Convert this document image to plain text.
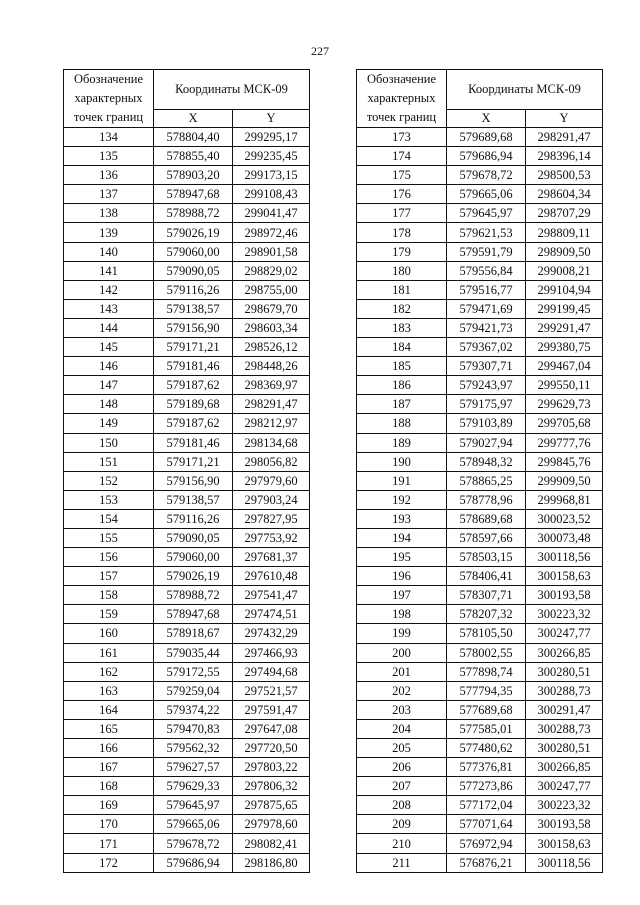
227
Обозначение характерных точек границ	Координаты МСК-09	
	X	Y
134	578804,40	299295,17
135	578855,40	299235,45
136	578903,20	299173,15
137	578947,68	299108,43
138	578988,72	299041,47
139	579026,19	298972,46
140	579060,00	298901,58
141	579090,05	298829,02
142	579116,26	298755,00
143	579138,57	298679,70
144	579156,90	298603,34
145	579171,21	298526,12
146	579181,46	298448,26
147	579187,62	298369,97
148	579189,68	298291,47
149	579187,62	298212,97
150	579181,46	298134,68
151	579171,21	298056,82
152	579156,90	297979,60
153	579138,57	297903,24
154	579116,26	297827,95
155	579090,05	297753,92
156	579060,00	297681,37
157	579026,19	297610,48
158	578988,72	297541,47
159	578947,68	297474,51
160	578918,67	297432,29
161	579035,44	297466,93
162	579172,55	297494,68
163	579259,04	297521,57
164	579374,22	297591,47
165	579470,83	297647,08
166	579562,32	297720,50
167	579627,57	297803,22
168	579629,33	297806,32
169	579645,97	297875,65
170	579665,06	297978,60
171	579678,72	298082,41
172	579686,94	298186,80
Обозначение характерных точек границ	Координаты МСК-09	
	X	Y
173	579689,68	298291,47
174	579686,94	298396,14
175	579678,72	298500,53
176	579665,06	298604,34
177	579645,97	298707,29
178	579621,53	298809,11
179	579591,79	298909,50
180	579556,84	299008,21
181	579516,77	299104,94
182	579471,69	299199,45
183	579421,73	299291,47
184	579367,02	299380,75
185	579307,71	299467,04
186	579243,97	299550,11
187	579175,97	299629,73
188	579103,89	299705,68
189	579027,94	299777,76
190	578948,32	299845,76
191	578865,25	299909,50
192	578778,96	299968,81
193	578689,68	300023,52
194	578597,66	300073,48
195	578503,15	300118,56
196	578406,41	300158,63
197	578307,71	300193,58
198	578207,32	300223,32
199	578105,50	300247,77
200	578002,55	300266,85
201	577898,74	300280,51
202	577794,35	300288,73
203	577689,68	300291,47
204	577585,01	300288,73
205	577480,62	300280,51
206	577376,81	300266,85
207	577273,86	300247,77
208	577172,04	300223,32
209	577071,64	300193,58
210	576972,94	300158,63
211	576876,21	300118,56
